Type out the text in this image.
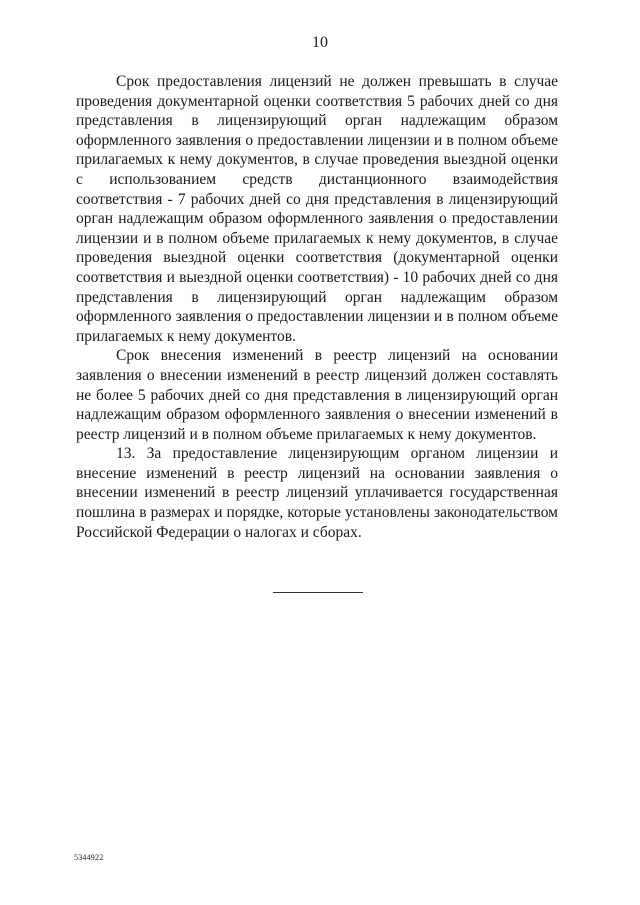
10

Срок предоставления лицензий не должен превышать в случае проведения документарной оценки соответствия 5 рабочих дней со дня представления в лицензирующий орган надлежащим образом оформленного заявления о предоставлении лицензии и в полном объеме прилагаемых к нему документов, в случае проведения выездной оценки с использованием средств дистанционного взаимодействия соответствия - 7 рабочих дней со дня представления в лицензирующий орган надлежащим образом оформленного заявления о предоставлении лицензии и в полном объеме прилагаемых к нему документов, в случае проведения выездной оценки соответствия (документарной оценки соответствия и выездной оценки соответствия) - 10 рабочих дней со дня представления в лицензирующий орган надлежащим образом оформленного заявления о предоставлении лицензии и в полном объеме прилагаемых к нему документов.

Срок внесения изменений в реестр лицензий на основании заявления о внесении изменений в реестр лицензий должен составлять не более 5 рабочих дней со дня представления в лицензирующий орган надлежащим образом оформленного заявления о внесении изменений в реестр лицензий и в полном объеме прилагаемых к нему документов.

13. За предоставление лицензирующим органом лицензии и внесение изменений в реестр лицензий на основании заявления о внесении изменений в реестр лицензий уплачивается государственная пошлина в размерах и порядке, которые установлены законодательством Российской Федерации о налогах и сборах.

5344922
